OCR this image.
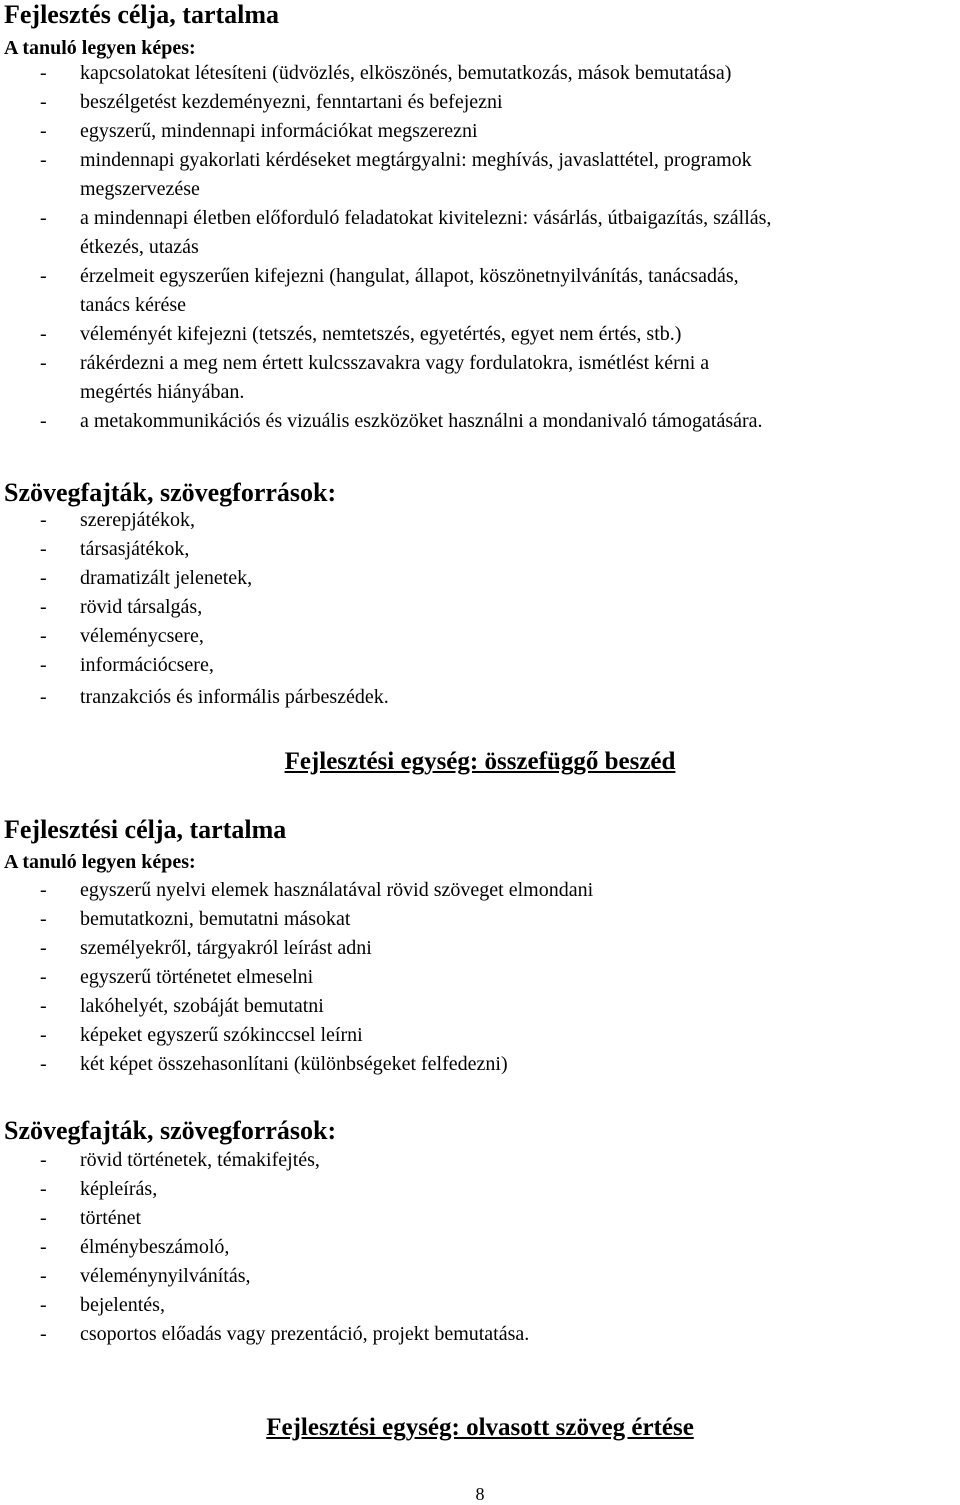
Fejlesztés célja, tartalma
A tanuló legyen képes:
- kapcsolatokat létesíteni (üdvözlés, elköszönés, bemutatkozás, mások bemutatása)
- beszélgetést kezdeményezni, fenntartani és befejezni
- egyszerű, mindennapi információkat megszerezni
- mindennapi gyakorlati kérdéseket megtárgyalni: meghívás, javaslattétel, programok
megszervezése
- a mindennapi életben előforduló feladatokat kivitelezni: vásárlás, útbaigazítás, szállás,
étkezés, utazás
- érzelmeit egyszerűen kifejezni (hangulat, állapot, köszönetnyilvánítás, tanácsadás,
tanács kérése
- véleményét kifejezni (tetszés, nemtetszés, egyetértés, egyet nem értés, stb.)
- rákérdezni a meg nem értett kulcsszavakra vagy fordulatokra, ismétlést kérni a
megértés hiányában.
- a metakommunikációs és vizuális eszközöket használni a mondanivaló támogatására.
Szövegfajták, szövegforrások:
- szerepjátékok,
- társasjátékok,
- dramatizált jelenetek,
- rövid társalgás,
- véleménycsere,
- információcsere,
- tranzakciós és informális párbeszédek.
Fejlesztési egység: összefüggő beszéd
Fejlesztési célja, tartalma
A tanuló legyen képes:
- egyszerű nyelvi elemek használatával rövid szöveget elmondani
- bemutatkozni, bemutatni másokat
- személyekről, tárgyakról leírást adni
- egyszerű történetet elmeselni
- lakóhelyét, szobáját bemutatni
- képeket egyszerű szókinccsel leírni
- két képet összehasonlítani (különbségeket felfedezni)
Szövegfajták, szövegforrások:
- rövid történetek, témakifejtés,
- képleírás,
- történet
- élménybeszámoló,
- véleménynyilvánítás,
- bejelentés,
- csoportos előadás vagy prezentáció, projekt bemutatása.
Fejlesztési egység: olvasott szöveg értése
8
